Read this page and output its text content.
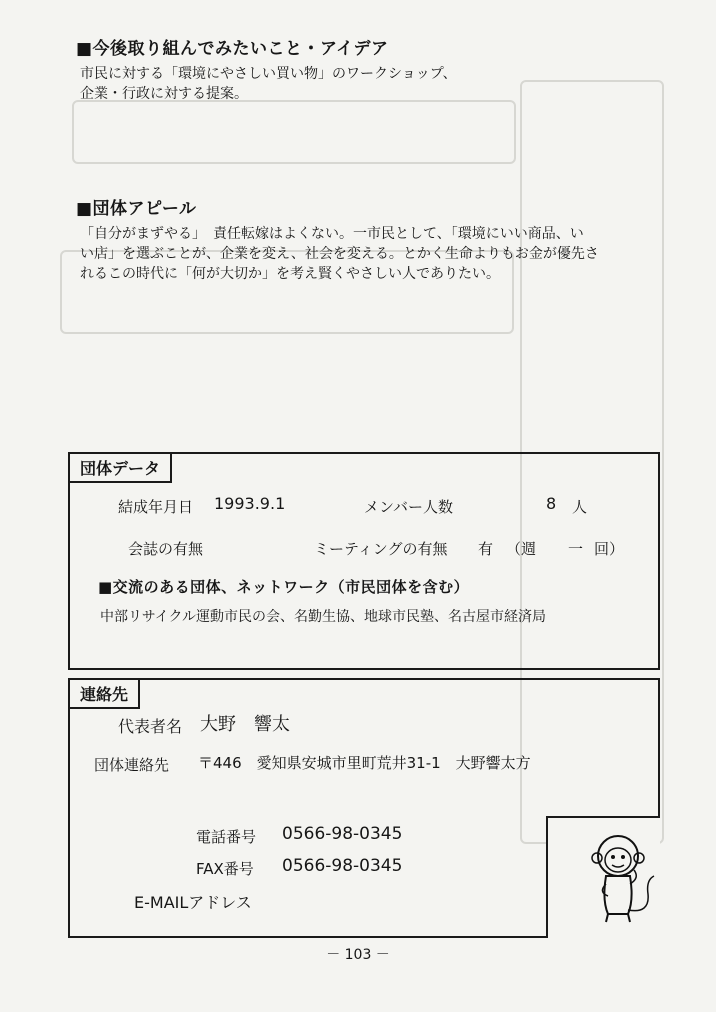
■今後取り組んでみたいこと・アイデア
市民に対する「環境にやさしい買い物」のワークショップ、
企業・行政に対する提案。
■団体アピール
「自分がまずやる」　責任転嫁はよくない。一市民として、「環境にいい商品、い
い店」を選ぶことが、企業を変え、社会を変える。とかく生命よりもお金が優先さ
れるこの時代に「何が大切か」を考え賢くやさしい人でありたい。
団体データ
結成年月日 1993.9.1	メンバー人数	8 人
会誌の有無	ミーティングの有無 有 （週 一 回）
■交流のある団体、ネットワーク（市民団体を含む）
中部リサイクル運動市民の会、名勤生協、地球市民塾、名古屋市経済局
連絡先
代表者名 大野　響太
団体連絡先 〒446　愛知県安城市里町荒井31-1　大野響太方
電話番号 0566-98-0345
FAX番号 0566-98-0345
E-MAILアドレス
－ 103 －
